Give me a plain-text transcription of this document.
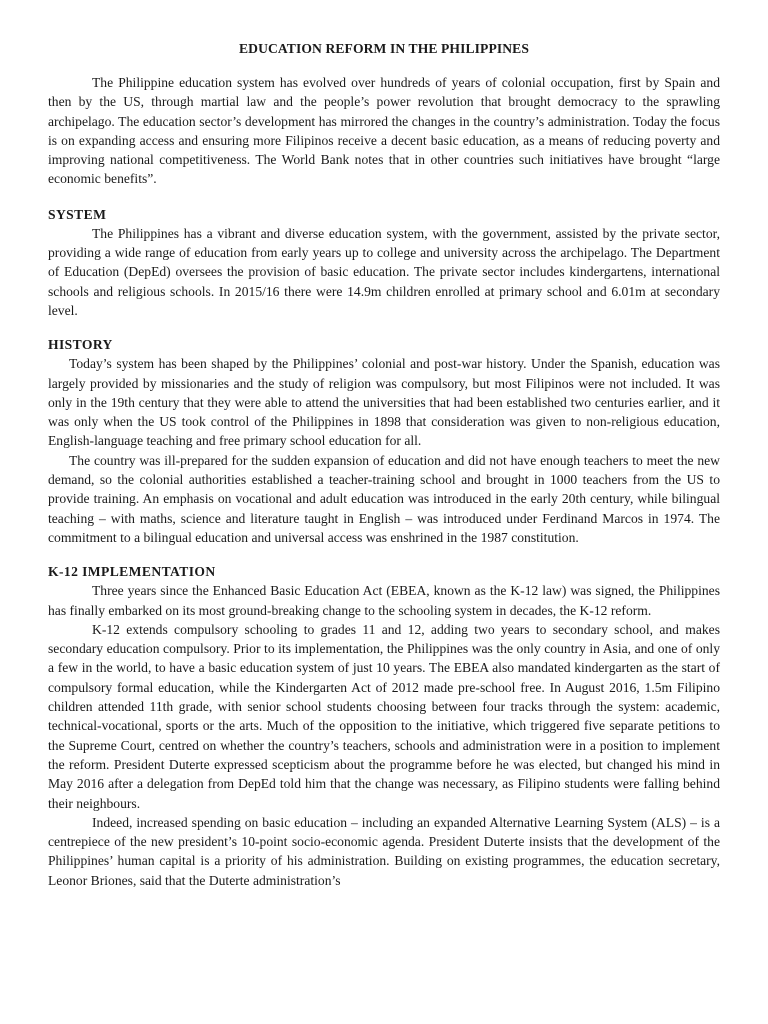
EDUCATION REFORM IN THE PHILIPPINES

The Philippine education system has evolved over hundreds of years of colonial occupation, first by Spain and then by the US, through martial law and the people’s power revolution that brought democracy to the sprawling archipelago. The education sector’s development has mirrored the changes in the country’s administration. Today the focus is on expanding access and ensuring more Filipinos receive a decent basic education, as a means of reducing poverty and improving national competitiveness. The World Bank notes that in other countries such initiatives have brought “large economic benefits”.

SYSTEM

The Philippines has a vibrant and diverse education system, with the government, assisted by the private sector, providing a wide range of education from early years up to college and university across the archipelago. The Department of Education (DepEd) oversees the provision of basic education. The private sector includes kindergartens, international schools and religious schools. In 2015/16 there were 14.9m children enrolled at primary school and 6.01m at secondary level.

HISTORY

Today’s system has been shaped by the Philippines’ colonial and post-war history. Under the Spanish, education was largely provided by missionaries and the study of religion was compulsory, but most Filipinos were not included. It was only in the 19th century that they were able to attend the universities that had been established two centuries earlier, and it was only when the US took control of the Philippines in 1898 that consideration was given to non-religious education, English-language teaching and free primary school education for all.

The country was ill-prepared for the sudden expansion of education and did not have enough teachers to meet the new demand, so the colonial authorities established a teacher-training school and brought in 1000 teachers from the US to provide training. An emphasis on vocational and adult education was introduced in the early 20th century, while bilingual teaching – with maths, science and literature taught in English – was introduced under Ferdinand Marcos in 1974. The commitment to a bilingual education and universal access was enshrined in the 1987 constitution.

K-12 IMPLEMENTATION

Three years since the Enhanced Basic Education Act (EBEA, known as the K-12 law) was signed, the Philippines has finally embarked on its most ground-breaking change to the schooling system in decades, the K-12 reform.

K-12 extends compulsory schooling to grades 11 and 12, adding two years to secondary school, and makes secondary education compulsory. Prior to its implementation, the Philippines was the only country in Asia, and one of only a few in the world, to have a basic education system of just 10 years. The EBEA also mandated kindergarten as the start of compulsory formal education, while the Kindergarten Act of 2012 made pre-school free. In August 2016, 1.5m Filipino children attended 11th grade, with senior school students choosing between four tracks through the system: academic, technical-vocational, sports or the arts. Much of the opposition to the initiative, which triggered five separate petitions to the Supreme Court, centred on whether the country’s teachers, schools and administration were in a position to implement the reform. President Duterte expressed scepticism about the programme before he was elected, but changed his mind in May 2016 after a delegation from DepEd told him that the change was necessary, as Filipino students were falling behind their neighbours.

Indeed, increased spending on basic education – including an expanded Alternative Learning System (ALS) – is a centrepiece of the new president’s 10-point socio-economic agenda. President Duterte insists that the development of the Philippines’ human capital is a priority of his administration. Building on existing programmes, the education secretary, Leonor Briones, said that the Duterte administration’s
